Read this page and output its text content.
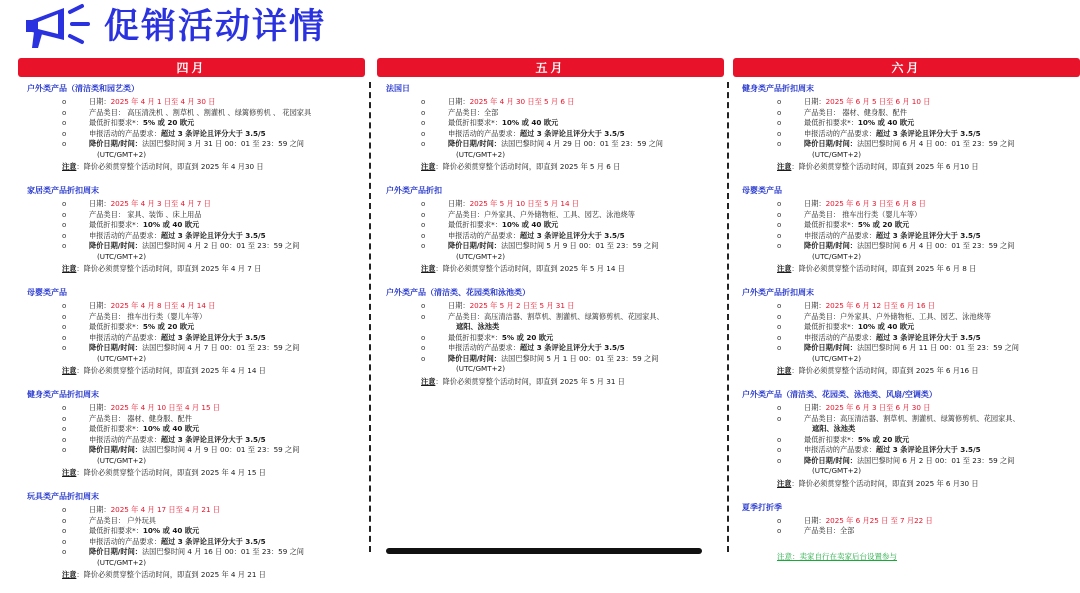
促销活动详情
四月
户外类产品（清洁类和园艺类）
o	日期：2025 年 4 月 1 日至 4 月 30 日
o	产品类目： 高压清洗机 、割草机 、割灌机 、绿篱修剪机 、 花园家具
o	最低折扣要求*：5% 或 20 欧元
o	申报活动的产品要求：超过 3 条评论且评分大于 3.5/5
o	降价日期/时间：法国巴黎时间 3 月 31 日 00：01 至 23：59 之间
(UTC/GMT+2)
注意：降价必须贯穿整个活动时间，即直到 2025 年 4 月30 日
家居类产品折扣周末
o	日期：2025 年 4 月 3 日至 4 月 7 日
o	产品类目： 家具、装饰 、床上用品
o	最低折扣要求*：10% 或 40 欧元
o	申报活动的产品要求：超过 3 条评论且评分大于 3.5/5
o	降价日期/时间：法国巴黎时间 4 月 2 日 00：01 至 23：59 之间
(UTC/GMT+2)
注意：降价必须贯穿整个活动时间，即直到 2025 年 4 月 7 日
母婴类产品
o	日期：2025 年 4 月 8 日至 4 月 14 日
o	产品类目： 推车出行类（婴儿车等）
o	最低折扣要求*：5% 或 20 欧元
o	申报活动的产品要求：超过 3 条评论且评分大于 3.5/5
o	降价日期/时间：法国巴黎时间 4 月 7 日 00：01 至 23：59 之间
(UTC/GMT+2)
注意：降价必须贯穿整个活动时间，即直到 2025 年 4 月 14 日
健身类产品折扣周末
o	日期：2025 年 4 月 10 日至 4 月 15 日
o	产品类目： 器材、健身服、配件
o	最低折扣要求*：10% 或 40 欧元
o	申报活动的产品要求：超过 3 条评论且评分大于 3.5/5
o	降价日期/时间：法国巴黎时间 4 月 9 日 00：01 至 23：59 之间
(UTC/GMT+2)
注意：降价必须贯穿整个活动时间，即直到 2025 年 4 月 15 日
玩具类产品折扣周末
o	日期：2025 年 4 月 17 日至 4 月 21 日
o	产品类目： 户外玩具
o	最低折扣要求*：10% 或 40 欧元
o	申报活动的产品要求：超过 3 条评论且评分大于 3.5/5
o	降价日期/时间：法国巴黎时间 4 月 16 日 00：01 至 23：59 之间
(UTC/GMT+2)
注意：降价必须贯穿整个活动时间，即直到 2025 年 4 月 21 日
五月
法国日
o	日期：2025 年 4 月 30 日至 5 月 6 日
o	产品类目：全部
o	最低折扣要求*：10% 或 40 欧元
o	申报活动的产品要求：超过 3 条评论且评分大于 3.5/5
o	降价日期/时间：法国巴黎时间 4 月 29 日 00：01 至 23：59 之间
(UTC/GMT+2)
注意：降价必须贯穿整个活动时间，即直到 2025 年 5 月 6 日
户外类产品折扣
o	日期：2025 年 5 月 10 日至 5 月 14 日
o	产品类目：户外家具、户外储物柜、工具、园艺、泳池烧等
o	最低折扣要求*：10% 或 40 欧元
o	申报活动的产品要求：超过 3 条评论且评分大于 3.5/5
o	降价日期/时间：法国巴黎时间 5 月 9 日 00：01 至 23：59 之间
(UTC/GMT+2)
注意：降价必须贯穿整个活动时间，即直到 2025 年 5 月 14 日
户外类产品（清洁类、花园类和泳池类）
o	日期：2025 年 5 月 2 日至 5 月 31 日
o	产品类目：高压清洁器、割草机、割灌机、绿篱修剪机、花园家具、
遮阳、泳池类
o	最低折扣要求*：5% 或 20 欧元
o	申报活动的产品要求：超过 3 条评论且评分大于 3.5/5
o	降价日期/时间：法国巴黎时间 5 月 1 日 00：01 至 23：59 之间
(UTC/GMT+2)
注意：降价必须贯穿整个活动时间，即直到 2025 年 5 月 31 日
六月
健身类产品折扣周末
o	日期：2025 年 6 月 5 日至 6 月 10 日
o	产品类目： 器材、健身服、配件
o	最低折扣要求*：10% 或 40 欧元
o	申报活动的产品要求：超过 3 条评论且评分大于 3.5/5
o	降价日期/时间：法国巴黎时间 6 月 4 日 00：01 至 23：59 之间
(UTC/GMT+2)
注意：降价必须贯穿整个活动时间，即直到 2025 年 6 月10 日
母婴类产品
o	日期：2025 年 6 月 3 日至 6 月 8 日
o	产品类目： 推车出行类（婴儿车等）
o	最低折扣要求*：5% 或 20 欧元
o	申报活动的产品要求：超过 3 条评论且评分大于 3.5/5
o	降价日期/时间：法国巴黎时间 6 月 4 日 00：01 至 23：59 之间
(UTC/GMT+2)
注意：降价必须贯穿整个活动时间，即直到 2025 年 6 月 8 日
户外类产品折扣周末
o	日期：2025 年 6 月 12 日至 6 月 16 日
o	产品类目：户外家具、户外储物柜、工具、园艺、泳池烧等
o	最低折扣要求*：10% 或 40 欧元
o	申报活动的产品要求：超过 3 条评论且评分大于 3.5/5
o	降价日期/时间：法国巴黎时间 6 月 11 日 00：01 至 23：59 之间
(UTC/GMT+2)
注意：降价必须贯穿整个活动时间，即直到 2025 年 6 月16 日
户外类产品（清洁类、花园类、泳池类、风扇/空调类）
o	日期：2025 年 6 月 3 日至 6 月 30 日
o	产品类目：高压清洁器、割草机、割灌机、绿篱修剪机、花园家具、
遮阳、泳池类
o	最低折扣要求*：5% 或 20 欧元
o	申报活动的产品要求：超过 3 条评论且评分大于 3.5/5
o	降价日期/时间：法国巴黎时间 6 月 2 日 00：01 至 23：59 之间
(UTC/GMT+2)
注意：降价必须贯穿整个活动时间，即直到 2025 年 6 月30 日
夏季打折季
o	日期：2025 年 6 月25 日 至 7 月22 日
o	产品类目：全部
注意：卖家自行在卖家后台设置参与
